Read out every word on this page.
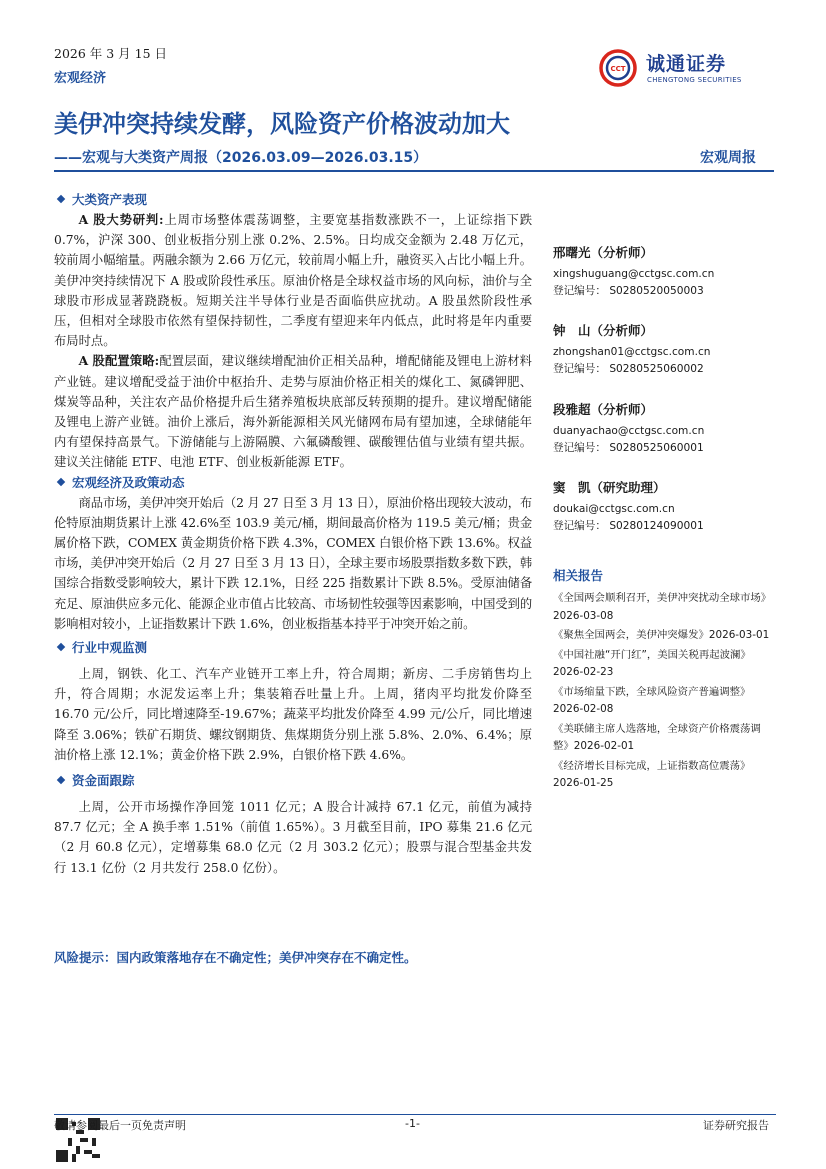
2026 年 3 月 15 日
宏观经济
CCT 诚通证券
CHENGTONG SECURITIES
美伊冲突持续发酵，风险资产价格波动加大
——宏观与大类资产周报（2026.03.09—2026.03.15）	宏观周报
大类资产表现

A 股大势研判:上周市场整体震荡调整，主要宽基指数涨跌不一，上证综指下跌 0.7%，沪深 300、创业板指分别上涨 0.2%、2.5%。日均成交金额为 2.48 万亿元，较前周小幅缩量。两融余额为 2.66 万亿元，较前周小幅上升，融资买入占比小幅上升。美伊冲突持续情况下 A 股或阶段性承压。原油价格是全球权益市场的风向标，油价与全球股市形成显著跷跷板。短期关注半导体行业是否面临供应扰动。A 股虽然阶段性承压，但相对全球股市依然有望保持韧性，二季度有望迎来年内低点，此时将是年内重要布局时点。

A 股配置策略:配置层面，建议继续增配油价正相关品种，增配储能及锂电上游材料产业链。建议增配受益于油价中枢抬升、走势与原油价格正相关的煤化工、氮磷钾肥、煤炭等品种，关注农产品价格提升后生猪养殖板块底部反转预期的提升。建议增配储能及锂电上游产业链。油价上涨后，海外新能源相关风光储网布局有望加速，全球储能年内有望保持高景气。下游储能与上游隔膜、六氟磷酸锂、碳酸锂估值与业绩有望共振。建议关注储能 ETF、电池 ETF、创业板新能源 ETF。

宏观经济及政策动态

商品市场，美伊冲突开始后（2 月 27 日至 3 月 13 日），原油价格出现较大波动，布伦特原油期货累计上涨 42.6%至 103.9 美元/桶，期间最高价格为 119.5 美元/桶；贵金属价格下跌，COMEX 黄金期货价格下跌 4.3%，COMEX 白银价格下跌 13.6%。权益市场，美伊冲突开始后（2 月 27 日至 3 月 13 日），全球主要市场股票指数多数下跌，韩国综合指数受影响较大，累计下跌 12.1%，日经 225 指数累计下跌 8.5%。受原油储备充足、原油供应多元化、能源企业市值占比较高、市场韧性较强等因素影响，中国受到的影响相对较小，上证指数累计下跌 1.6%，创业板指基本持平于冲突开始之前。

行业中观监测

上周，钢铁、化工、汽车产业链开工率上升，符合周期；新房、二手房销售均上升，符合周期；水泥发运率上升；集装箱吞吐量上升。上周，猪肉平均批发价降至 16.70 元/公斤，同比增速降至-19.67%；蔬菜平均批发价降至 4.99 元/公斤，同比增速降至 3.06%；铁矿石期货、螺纹钢期货、焦煤期货分别上涨 5.8%、2.0%、6.4%；原油价格上涨 12.1%；黄金价格下跌 2.9%，白银价格下跌 4.6%。

资金面跟踪

上周，公开市场操作净回笼 1011 亿元；A 股合计减持 67.1 亿元，前值为减持 87.7 亿元；全 A 换手率 1.51%（前值 1.65%）。3 月截至目前，IPO 募集 21.6 亿元（2 月 60.8 亿元），定增募集 68.0 亿元（2 月 303.2 亿元）；股票与混合型基金共发行 13.1 亿份（2 月共发行 258.0 亿份）。

风险提示：国内政策落地存在不确定性；美伊冲突存在不确定性。
邢曙光（分析师）
xingshuguang@cctgsc.com.cn
登记编号： S0280520050003
钟　山（分析师）
zhongshan01@cctgsc.com.cn
登记编号： S0280525060002
段雅超（分析师）
duanyachao@cctgsc.com.cn
登记编号： S0280525060001
窦　凯（研究助理）
doukai@cctgsc.com.cn
登记编号： S0280124090001
相关报告
《全国两会顺利召开，美伊冲突扰动全球市场》2026-03-08
《聚焦全国两会，美伊冲突爆发》2026-03-01
《中国社融“开门红”，美国关税再起波澜》2026-02-23
《市场缩量下跌，全球风险资产普遍调整》2026-02-08
《美联储主席人选落地，全球资产价格震荡调整》2026-02-01
《经济增长目标完成，上证指数高位震荡》2026-01-25
敬请参阅最后一页免责声明	-1-	证券研究报告
